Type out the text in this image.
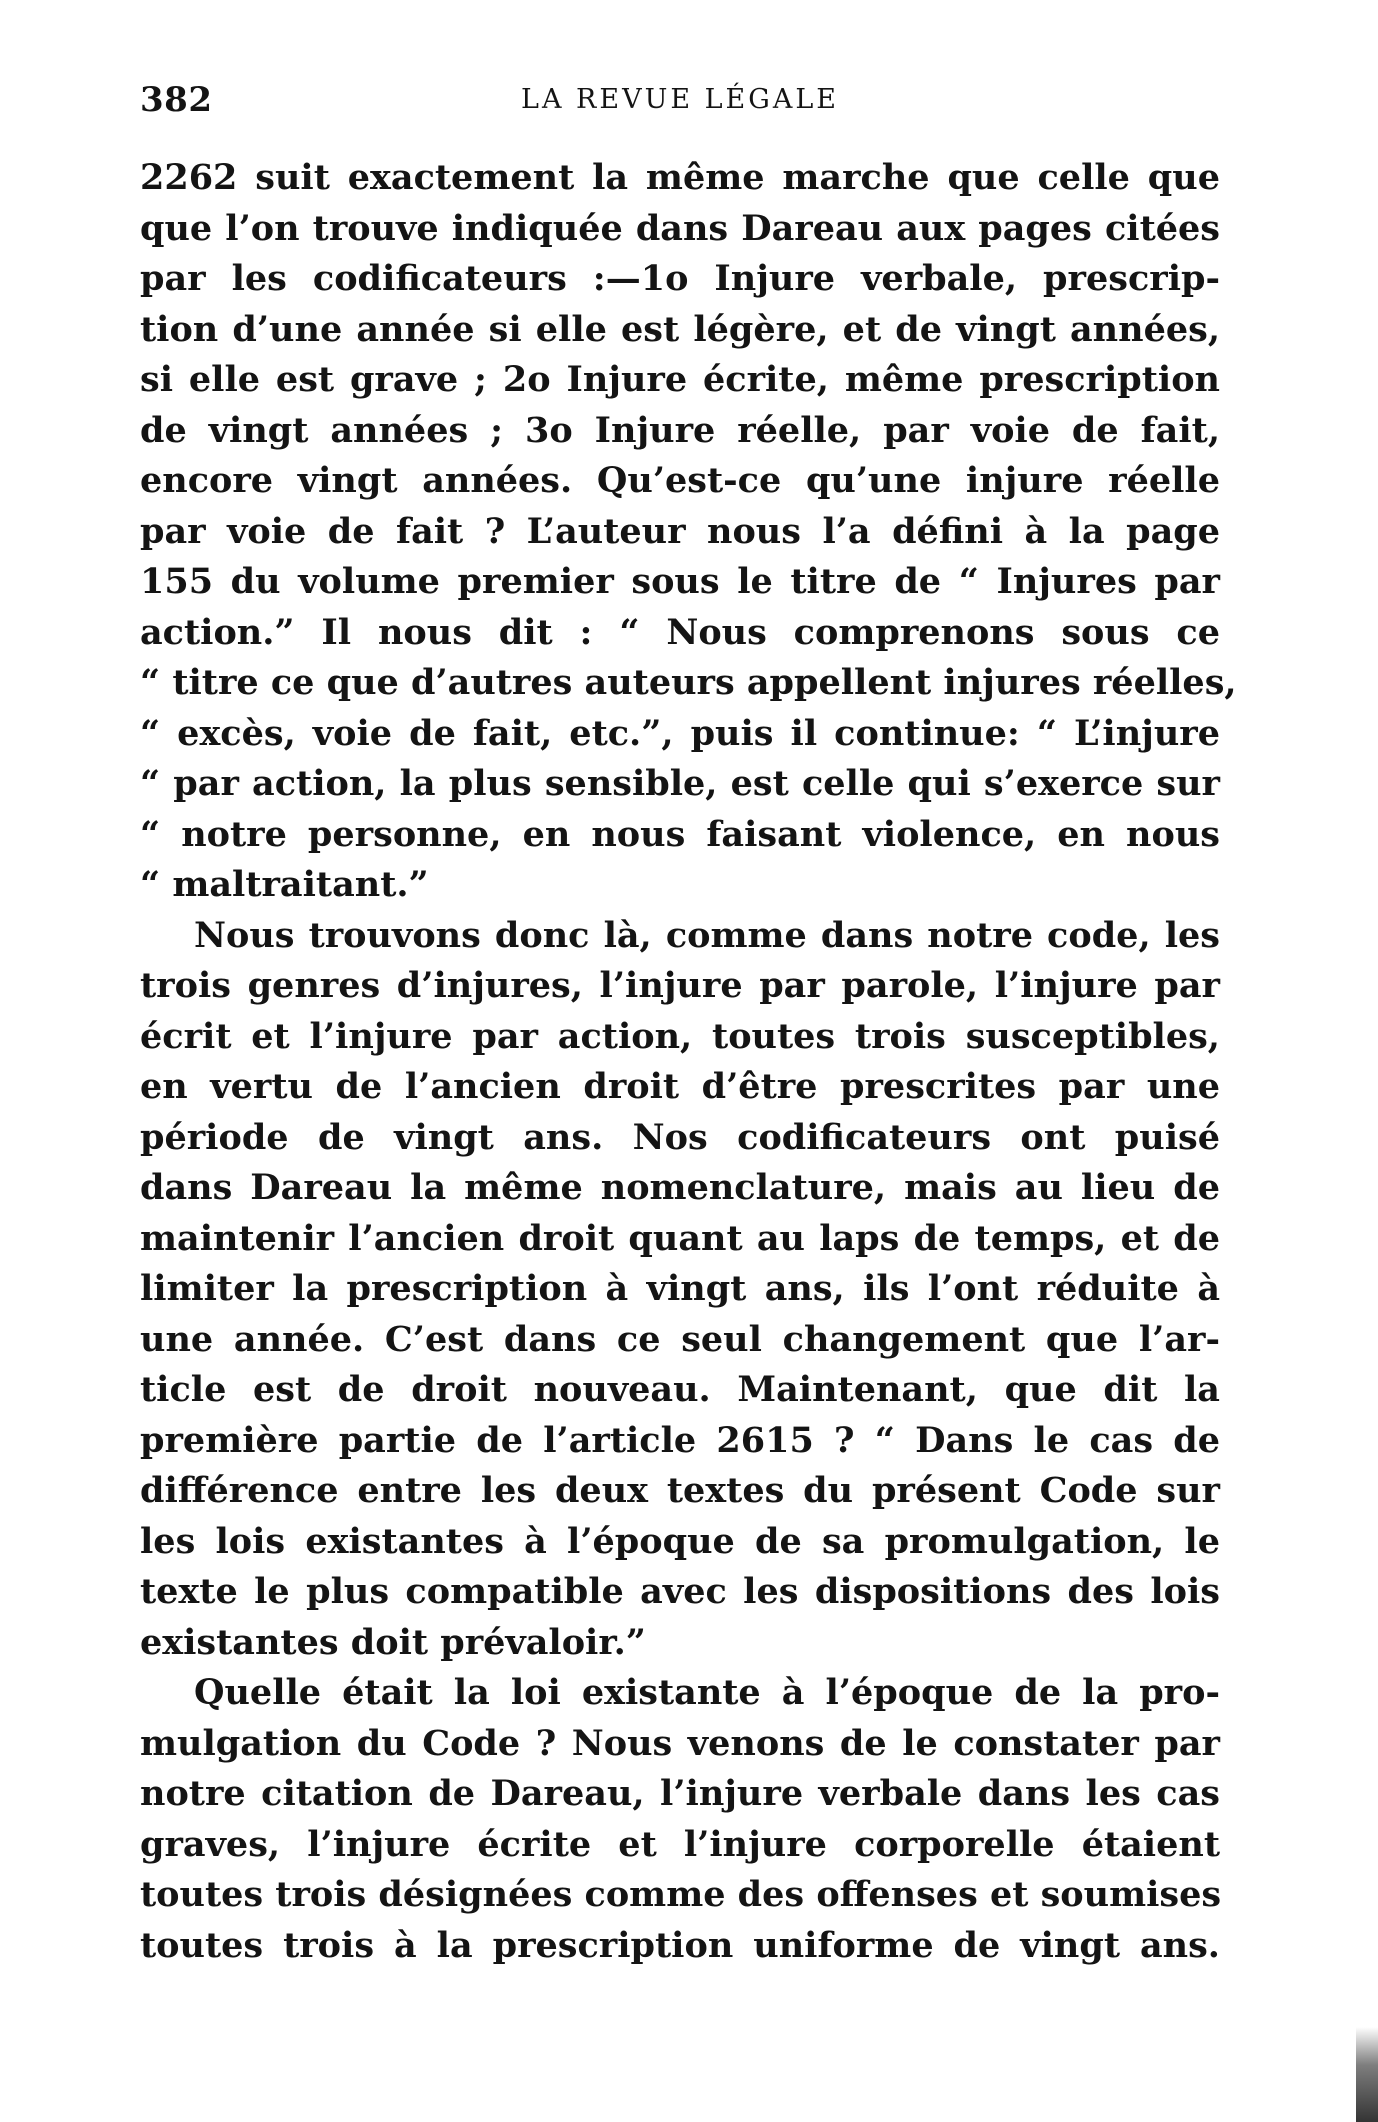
382	LA REVUE LÉGALE
2262 suit exactement la même marche que celle que
que l’on trouve indiquée dans Dareau aux pages citées
par les codificateurs :—1o Injure verbale, prescrip-
tion d’une année si elle est légère, et de vingt années,
si elle est grave ; 2o Injure écrite, même prescription
de vingt années ; 3o Injure réelle, par voie de fait,
encore vingt années. Qu’est-ce qu’une injure réelle
par voie de fait ? L’auteur nous l’a défini à la page
155 du volume premier sous le titre de “ Injures par
action.” Il nous dit : “ Nous comprenons sous ce
“ titre ce que d’autres auteurs appellent injures réelles,
“ excès, voie de fait, etc.”, puis il continue: “ L’injure
“ par action, la plus sensible, est celle qui s’exerce sur
“ notre personne, en nous faisant violence, en nous
“ maltraitant.”
Nous trouvons donc là, comme dans notre code, les
trois genres d’injures, l’injure par parole, l’injure par
écrit et l’injure par action, toutes trois susceptibles,
en vertu de l’ancien droit d’être prescrites par une
période de vingt ans. Nos codificateurs ont puisé
dans Dareau la même nomenclature, mais au lieu de
maintenir l’ancien droit quant au laps de temps, et de
limiter la prescription à vingt ans, ils l’ont réduite à
une année. C’est dans ce seul changement que l’ar-
ticle est de droit nouveau. Maintenant, que dit la
première partie de l’article 2615 ? “ Dans le cas de
différence entre les deux textes du présent Code sur
les lois existantes à l’époque de sa promulgation, le
texte le plus compatible avec les dispositions des lois
existantes doit prévaloir.”
Quelle était la loi existante à l’époque de la pro-
mulgation du Code ? Nous venons de le constater par
notre citation de Dareau, l’injure verbale dans les cas
graves, l’injure écrite et l’injure corporelle étaient
toutes trois désignées comme des offenses et soumises
toutes trois à la prescription uniforme de vingt ans.
